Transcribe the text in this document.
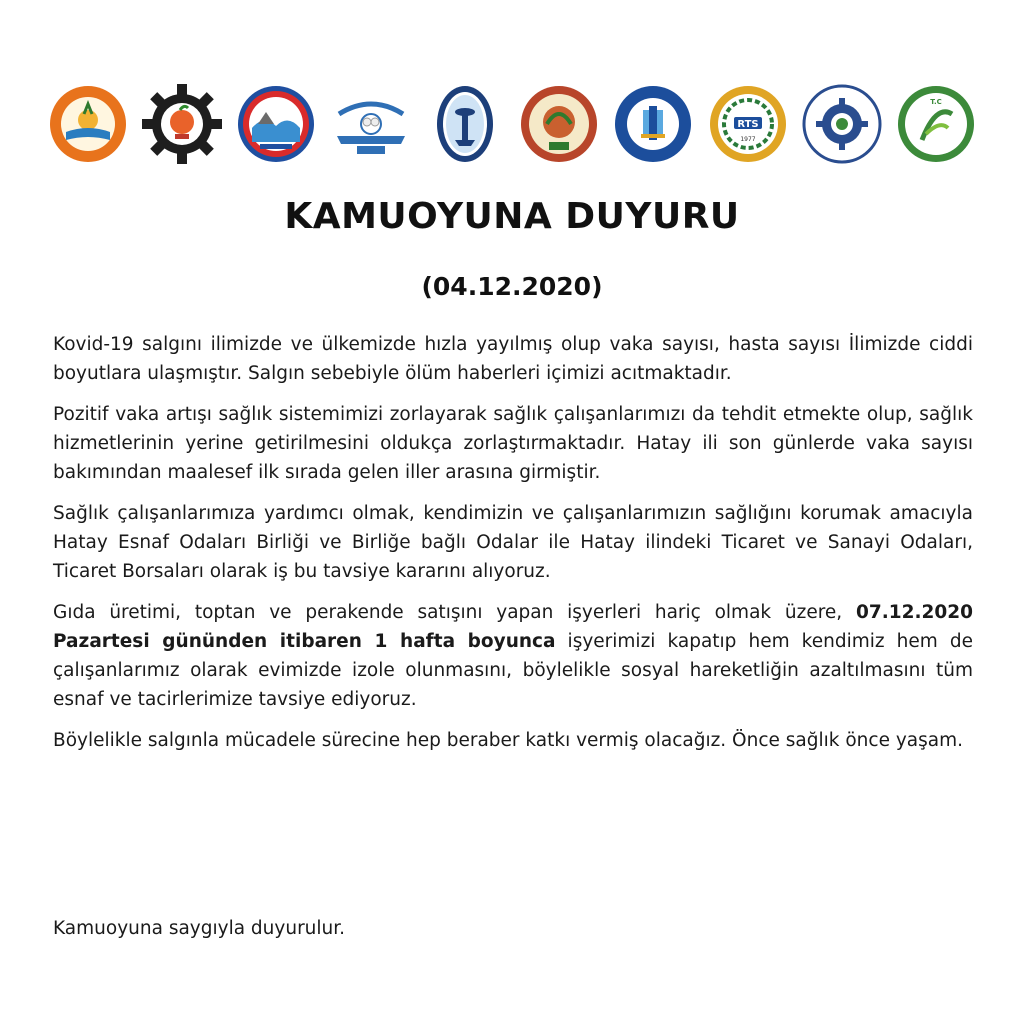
RTS
1977
T.C
KAMUOYUNA DUYURU
(04.12.2020)

Kovid-19 salgını ilimizde ve ülkemizde hızla yayılmış olup vaka sayısı, hasta sayısı İlimizde ciddi boyutlara ulaşmıştır. Salgın sebebiyle ölüm haberleri içimizi acıtmaktadır.

Pozitif vaka artışı sağlık sistemimizi zorlayarak sağlık çalışanlarımızı da tehdit etmekte olup, sağlık hizmetlerinin yerine getirilmesini oldukça zorlaştırmaktadır. Hatay ili son günlerde vaka sayısı bakımından maalesef ilk sırada gelen iller arasına girmiştir.

Sağlık çalışanlarımıza yardımcı olmak, kendimizin ve çalışanlarımızın sağlığını korumak amacıyla Hatay Esnaf Odaları Birliği ve Birliğe bağlı Odalar ile Hatay ilindeki Ticaret ve Sanayi Odaları, Ticaret Borsaları olarak iş bu tavsiye kararını alıyoruz.

Gıda üretimi, toptan ve perakende satışını yapan işyerleri hariç olmak üzere, 07.12.2020 Pazartesi gününden itibaren 1 hafta boyunca işyerimizi kapatıp hem kendimiz hem de çalışanlarımız olarak evimizde izole olunmasını, böylelikle sosyal hareketliğin azaltılmasını tüm esnaf ve tacirlerimize tavsiye ediyoruz.

Böylelikle salgınla mücadele sürecine hep beraber katkı vermiş olacağız. Önce sağlık önce yaşam.

Kamuoyuna saygıyla duyurulur.
